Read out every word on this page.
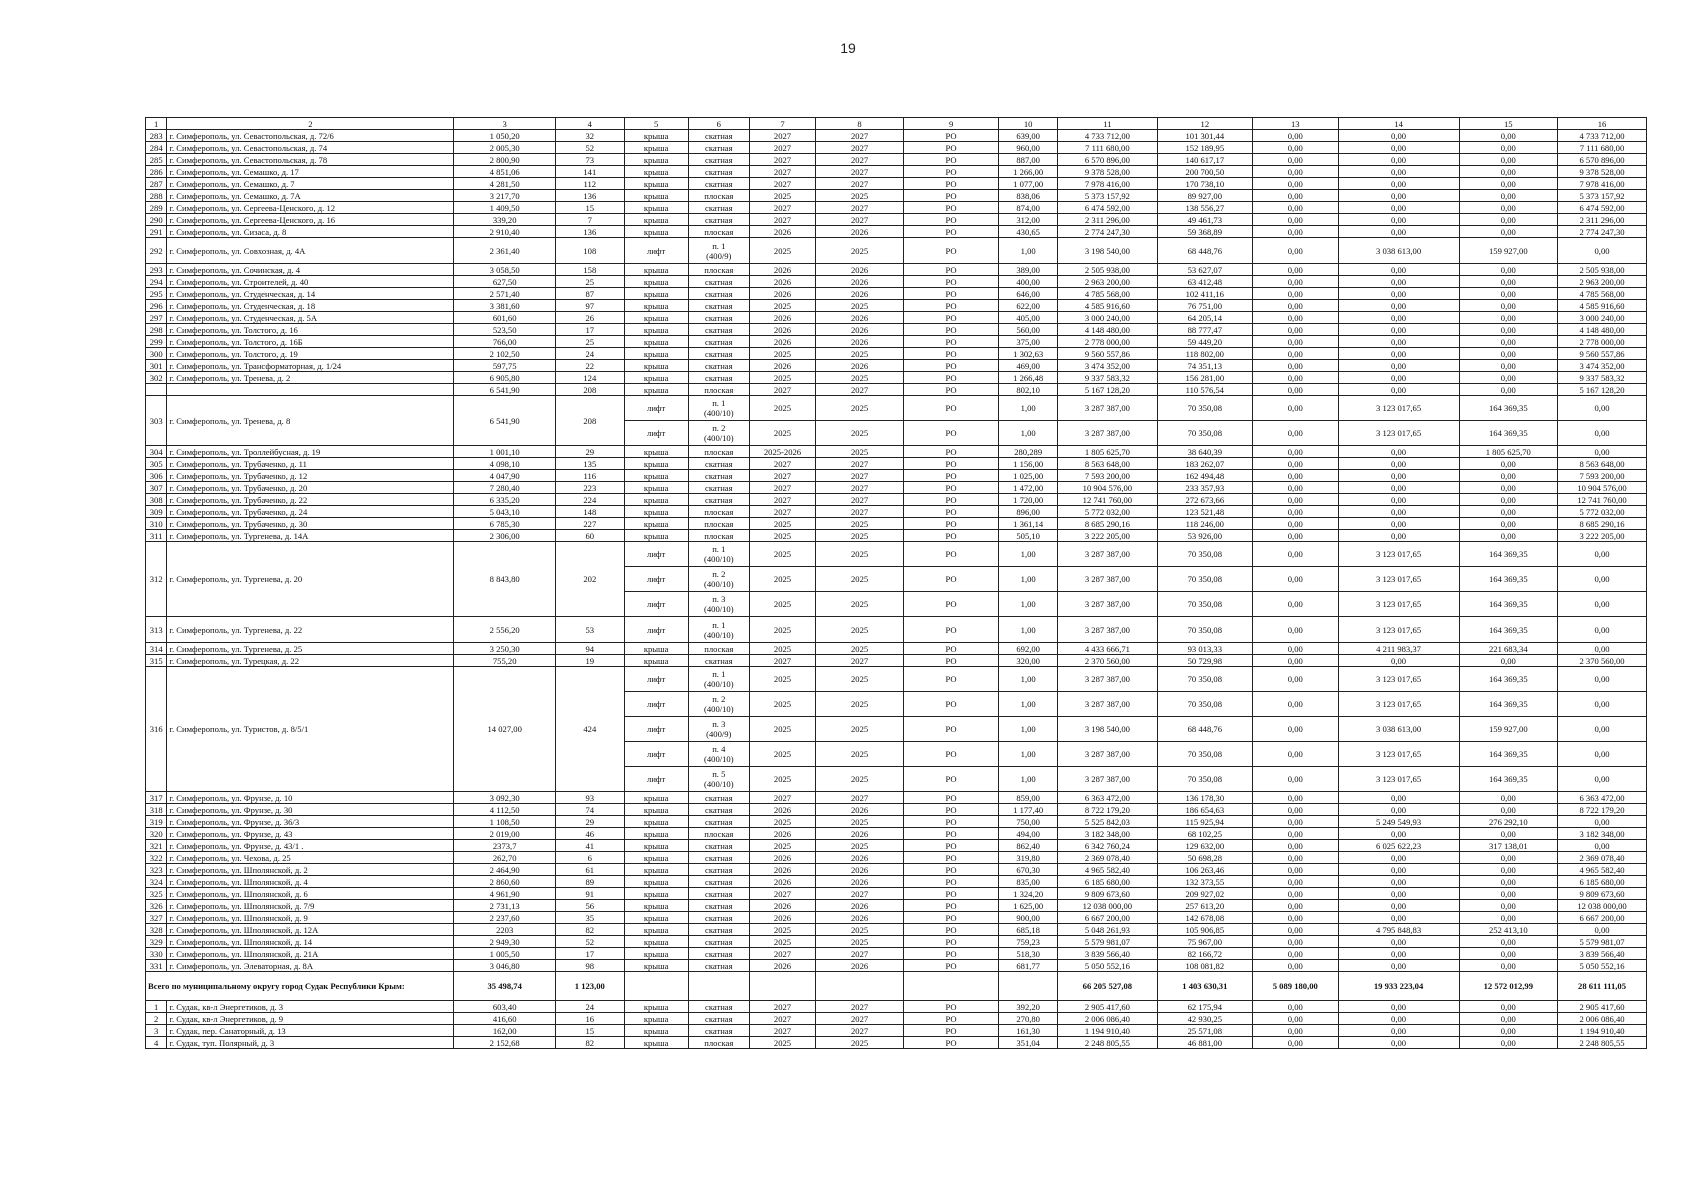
19
1	2	3	4	5	6	7	8	9	10	11	12	13	14	15	16
283	г. Симферополь, ул. Севастопольская, д. 72/6	1 050,20	32	крыша	скатная	2027	2027	РО	639,00	4 733 712,00	101 301,44	0,00	0,00	0,00	4 733 712,00
284	г. Симферополь, ул. Севастопольская, д. 74	2 005,30	52	крыша	скатная	2027	2027	РО	960,00	7 111 680,00	152 189,95	0,00	0,00	0,00	7 111 680,00
285	г. Симферополь, ул. Севастопольская, д. 78	2 800,90	73	крыша	скатная	2027	2027	РО	887,00	6 570 896,00	140 617,17	0,00	0,00	0,00	6 570 896,00
286	г. Симферополь, ул. Семашко, д. 17	4 851,06	141	крыша	скатная	2027	2027	РО	1 266,00	9 378 528,00	200 700,50	0,00	0,00	0,00	9 378 528,00
287	г. Симферополь, ул. Семашко, д. 7	4 281,50	112	крыша	скатная	2027	2027	РО	1 077,00	7 978 416,00	170 738,10	0,00	0,00	0,00	7 978 416,00
288	г. Симферополь, ул. Семашко, д. 7А	3 217,70	136	крыша	плоская	2025	2025	РО	838,06	5 373 157,92	89 927,00	0,00	0,00	0,00	5 373 157,92
289	г. Симферополь, ул. Сергеева-Ценского, д. 12	1 409,50	15	крыша	скатная	2027	2027	РО	874,00	6 474 592,00	138 556,27	0,00	0,00	0,00	6 474 592,00
290	г. Симферополь, ул. Сергеева-Ценского, д. 16	339,20	7	крыша	скатная	2027	2027	РО	312,00	2 311 296,00	49 461,73	0,00	0,00	0,00	2 311 296,00
291	г. Симферополь, ул. Сизаса, д. 8	2 910,40	136	крыша	плоская	2026	2026	РО	430,65	2 774 247,30	59 368,89	0,00	0,00	0,00	2 774 247,30
292	г. Симферополь, ул. Совхозная, д. 4А	2 361,40	108	лифт	п. 1
(400/9)	2025	2025	РО	1,00	3 198 540,00	68 448,76	0,00	3 038 613,00	159 927,00	0,00
293	г. Симферополь, ул. Сочинская, д. 4	3 058,50	158	крыша	плоская	2026	2026	РО	389,00	2 505 938,00	53 627,07	0,00	0,00	0,00	2 505 938,00
294	г. Симферополь, ул. Строителей, д. 40	627,50	25	крыша	скатная	2026	2026	РО	400,00	2 963 200,00	63 412,48	0,00	0,00	0,00	2 963 200,00
295	г. Симферополь, ул. Студенческая, д. 14	2 571,40	87	крыша	скатная	2026	2026	РО	646,00	4 785 568,00	102 411,16	0,00	0,00	0,00	4 785 568,00
296	г. Симферополь, ул. Студенческая, д. 18	3 381,60	97	крыша	скатная	2025	2025	РО	622,00	4 585 916,60	76 751,00	0,00	0,00	0,00	4 585 916,60
297	г. Симферополь, ул. Студенческая, д. 5А	601,60	26	крыша	скатная	2026	2026	РО	405,00	3 000 240,00	64 205,14	0,00	0,00	0,00	3 000 240,00
298	г. Симферополь, ул. Толстого, д. 16	523,50	17	крыша	скатная	2026	2026	РО	560,00	4 148 480,00	88 777,47	0,00	0,00	0,00	4 148 480,00
299	г. Симферополь, ул. Толстого, д. 16Б	766,00	25	крыша	скатная	2026	2026	РО	375,00	2 778 000,00	59 449,20	0,00	0,00	0,00	2 778 000,00
300	г. Симферополь, ул. Толстого, д. 19	2 102,50	24	крыша	скатная	2025	2025	РО	1 302,63	9 560 557,86	118 802,00	0,00	0,00	0,00	9 560 557,86
301	г. Симферополь, ул. Трансформаторная, д. 1/24	597,75	22	крыша	скатная	2026	2026	РО	469,00	3 474 352,00	74 351,13	0,00	0,00	0,00	3 474 352,00
302	г. Симферополь, ул. Тренева, д. 2	6 905,80	124	крыша	скатная	2025	2025	РО	1 266,48	9 337 583,32	156 281,00	0,00	0,00	0,00	9 337 583,32
		6 541,90	208	крыша	плоская	2027	2027	РО	802,10	5 167 128,20	110 576,54	0,00	0,00	0,00	5 167 128,20
303	г. Симферополь, ул. Тренева, д. 8	6 541,90	208	лифт	п. 1
(400/10)	2025	2025	РО	1,00	3 287 387,00	70 350,08	0,00	3 123 017,65	164 369,35	0,00
				лифт	п. 2
(400/10)	2025	2025	РО	1,00	3 287 387,00	70 350,08	0,00	3 123 017,65	164 369,35	0,00
304	г. Симферополь, ул. Троллейбусная, д. 19	1 001,10	29	крыша	плоская	2025-2026	2025	РО	280,289	1 805 625,70	38 640,39	0,00	0,00	1 805 625,70	0,00
305	г. Симферополь, ул. Трубаченко, д. 11	4 098,10	135	крыша	скатная	2027	2027	РО	1 156,00	8 563 648,00	183 262,07	0,00	0,00	0,00	8 563 648,00
306	г. Симферополь, ул. Трубаченко, д. 12	4 047,90	116	крыша	скатная	2027	2027	РО	1 025,00	7 593 200,00	162 494,48	0,00	0,00	0,00	7 593 200,00
307	г. Симферополь, ул. Трубаченко, д. 20	7 280,40	223	крыша	скатная	2027	2027	РО	1 472,00	10 904 576,00	233 357,93	0,00	0,00	0,00	10 904 576,00
308	г. Симферополь, ул. Трубаченко, д. 22	6 335,20	224	крыша	скатная	2027	2027	РО	1 720,00	12 741 760,00	272 673,66	0,00	0,00	0,00	12 741 760,00
309	г. Симферополь, ул. Трубаченко, д. 24	5 043,10	148	крыша	плоская	2027	2027	РО	896,00	5 772 032,00	123 521,48	0,00	0,00	0,00	5 772 032,00
310	г. Симферополь, ул. Трубаченко, д. 30	6 785,30	227	крыша	плоская	2025	2025	РО	1 361,14	8 685 290,16	118 246,00	0,00	0,00	0,00	8 685 290,16
311	г. Симферополь, ул. Тургенева, д. 14А	2 306,00	60	крыша	плоская	2025	2025	РО	505,10	3 222 205,00	53 926,00	0,00	0,00	0,00	3 222 205,00
312	г. Симферополь, ул. Тургенева, д. 20	8 843,80	202	лифт	п. 1
(400/10)	2025	2025	РО	1,00	3 287 387,00	70 350,08	0,00	3 123 017,65	164 369,35	0,00
				лифт	п. 2
(400/10)	2025	2025	РО	1,00	3 287 387,00	70 350,08	0,00	3 123 017,65	164 369,35	0,00
				лифт	п. 3
(400/10)	2025	2025	РО	1,00	3 287 387,00	70 350,08	0,00	3 123 017,65	164 369,35	0,00
313	г. Симферополь, ул. Тургенева, д. 22	2 556,20	53	лифт	п. 1
(400/10)	2025	2025	РО	1,00	3 287 387,00	70 350,08	0,00	3 123 017,65	164 369,35	0,00
314	г. Симферополь, ул. Тургенева, д. 25	3 250,30	94	крыша	плоская	2025	2025	РО	692,00	4 433 666,71	93 013,33	0,00	4 211 983,37	221 683,34	0,00
315	г. Симферополь, ул. Турецкая, д. 22	755,20	19	крыша	скатная	2027	2027	РО	320,00	2 370 560,00	50 729,98	0,00	0,00	0,00	2 370 560,00
316	г. Симферополь, ул. Туристов, д. 8/5/1	14 027,00	424	лифт	п. 1
(400/10)	2025	2025	РО	1,00	3 287 387,00	70 350,08	0,00	3 123 017,65	164 369,35	0,00
				лифт	п. 2
(400/10)	2025	2025	РО	1,00	3 287 387,00	70 350,08	0,00	3 123 017,65	164 369,35	0,00
				лифт	п. 3
(400/9)	2025	2025	РО	1,00	3 198 540,00	68 448,76	0,00	3 038 613,00	159 927,00	0,00
				лифт	п. 4
(400/10)	2025	2025	РО	1,00	3 287 387,00	70 350,08	0,00	3 123 017,65	164 369,35	0,00
				лифт	п. 5
(400/10)	2025	2025	РО	1,00	3 287 387,00	70 350,08	0,00	3 123 017,65	164 369,35	0,00
317	г. Симферополь, ул. Фрунзе, д. 10	3 092,30	93	крыша	скатная	2027	2027	РО	859,00	6 363 472,00	136 178,30	0,00	0,00	0,00	6 363 472,00
318	г. Симферополь, ул. Фрунзе, д. 30	4 112,50	74	крыша	скатная	2026	2026	РО	1 177,40	8 722 179,20	186 654,63	0,00	0,00	0,00	8 722 179,20
319	г. Симферополь, ул. Фрунзе, д. 36/3	1 108,50	29	крыша	скатная	2025	2025	РО	750,00	5 525 842,03	115 925,94	0,00	5 249 549,93	276 292,10	0,00
320	г. Симферополь, ул. Фрунзе, д. 43	2 019,00	46	крыша	плоская	2026	2026	РО	494,00	3 182 348,00	68 102,25	0,00	0,00	0,00	3 182 348,00
321	г. Симферополь, ул. Фрунзе, д. 43/1 .	2373,7	41	крыша	скатная	2025	2025	РО	862,40	6 342 760,24	129 632,00	0,00	6 025 622,23	317 138,01	0,00
322	г. Симферополь, ул. Чехова, д. 25	262,70	6	крыша	скатная	2026	2026	РО	319,80	2 369 078,40	50 698,28	0,00	0,00	0,00	2 369 078,40
323	г. Симферополь, ул. Шполянской, д. 2	2 464,90	61	крыша	скатная	2026	2026	РО	670,30	4 965 582,40	106 263,46	0,00	0,00	0,00	4 965 582,40
324	г. Симферополь, ул. Шполянской, д. 4	2 860,60	89	крыша	скатная	2026	2026	РО	835,00	6 185 680,00	132 373,55	0,00	0,00	0,00	6 185 680,00
325	г. Симферополь, ул. Шполянской, д. 6	4 961,90	91	крыша	скатная	2027	2027	РО	1 324,20	9 809 673,60	209 927,02	0,00	0,00	0,00	9 809 673,60
326	г. Симферополь, ул. Шполянской, д. 7/9	2 731,13	56	крыша	скатная	2026	2026	РО	1 625,00	12 038 000,00	257 613,20	0,00	0,00	0,00	12 038 000,00
327	г. Симферополь, ул. Шполянской, д. 9	2 237,60	35	крыша	скатная	2026	2026	РО	900,00	6 667 200,00	142 678,08	0,00	0,00	0,00	6 667 200,00
328	г. Симферополь, ул. Шполянской, д. 12А	2203	82	крыша	скатная	2025	2025	РО	685,18	5 048 261,93	105 906,85	0,00	4 795 848,83	252 413,10	0,00
329	г. Симферополь, ул. Шполянской, д. 14	2 949,30	52	крыша	скатная	2025	2025	РО	759,23	5 579 981,07	75 967,00	0,00	0,00	0,00	5 579 981,07
330	г. Симферополь, ул. Шполянской, д. 21А	1 005,50	17	крыша	скатная	2027	2027	РО	518,30	3 839 566,40	82 166,72	0,00	0,00	0,00	3 839 566,40
331	г. Симферополь, ул. Элеваторная, д. 8А	3 046,80	98	крыша	скатная	2026	2026	РО	681,77	5 050 552,16	108 081,82	0,00	0,00	0,00	5 050 552,16
Всего по муниципальному округу город Судак Республики Крым:		35 498,74	1 123,00							66 205 527,08	1 403 630,31	5 089 180,00	19 933 223,04	12 572 012,99	28 611 111,05
1	г. Судак, кв-л Энергетиков, д. 3	603,40	24	крыша	скатная	2027	2027	РО	392,20	2 905 417,60	62 175,94	0,00	0,00	0,00	2 905 417,60
2	г. Судак, кв-л Энергетиков, д. 9	416,60	16	крыша	скатная	2027	2027	РО	270,80	2 006 086,40	42 930,25	0,00	0,00	0,00	2 006 086,40
3	г. Судак, пер. Санаторный, д. 13	162,00	15	крыша	скатная	2027	2027	РО	161,30	1 194 910,40	25 571,08	0,00	0,00	0,00	1 194 910,40
4	г. Судак, туп. Полярный, д. 3	2 152,68	82	крыша	плоская	2025	2025	РО	351,04	2 248 805,55	46 881,00	0,00	0,00	0,00	2 248 805,55
